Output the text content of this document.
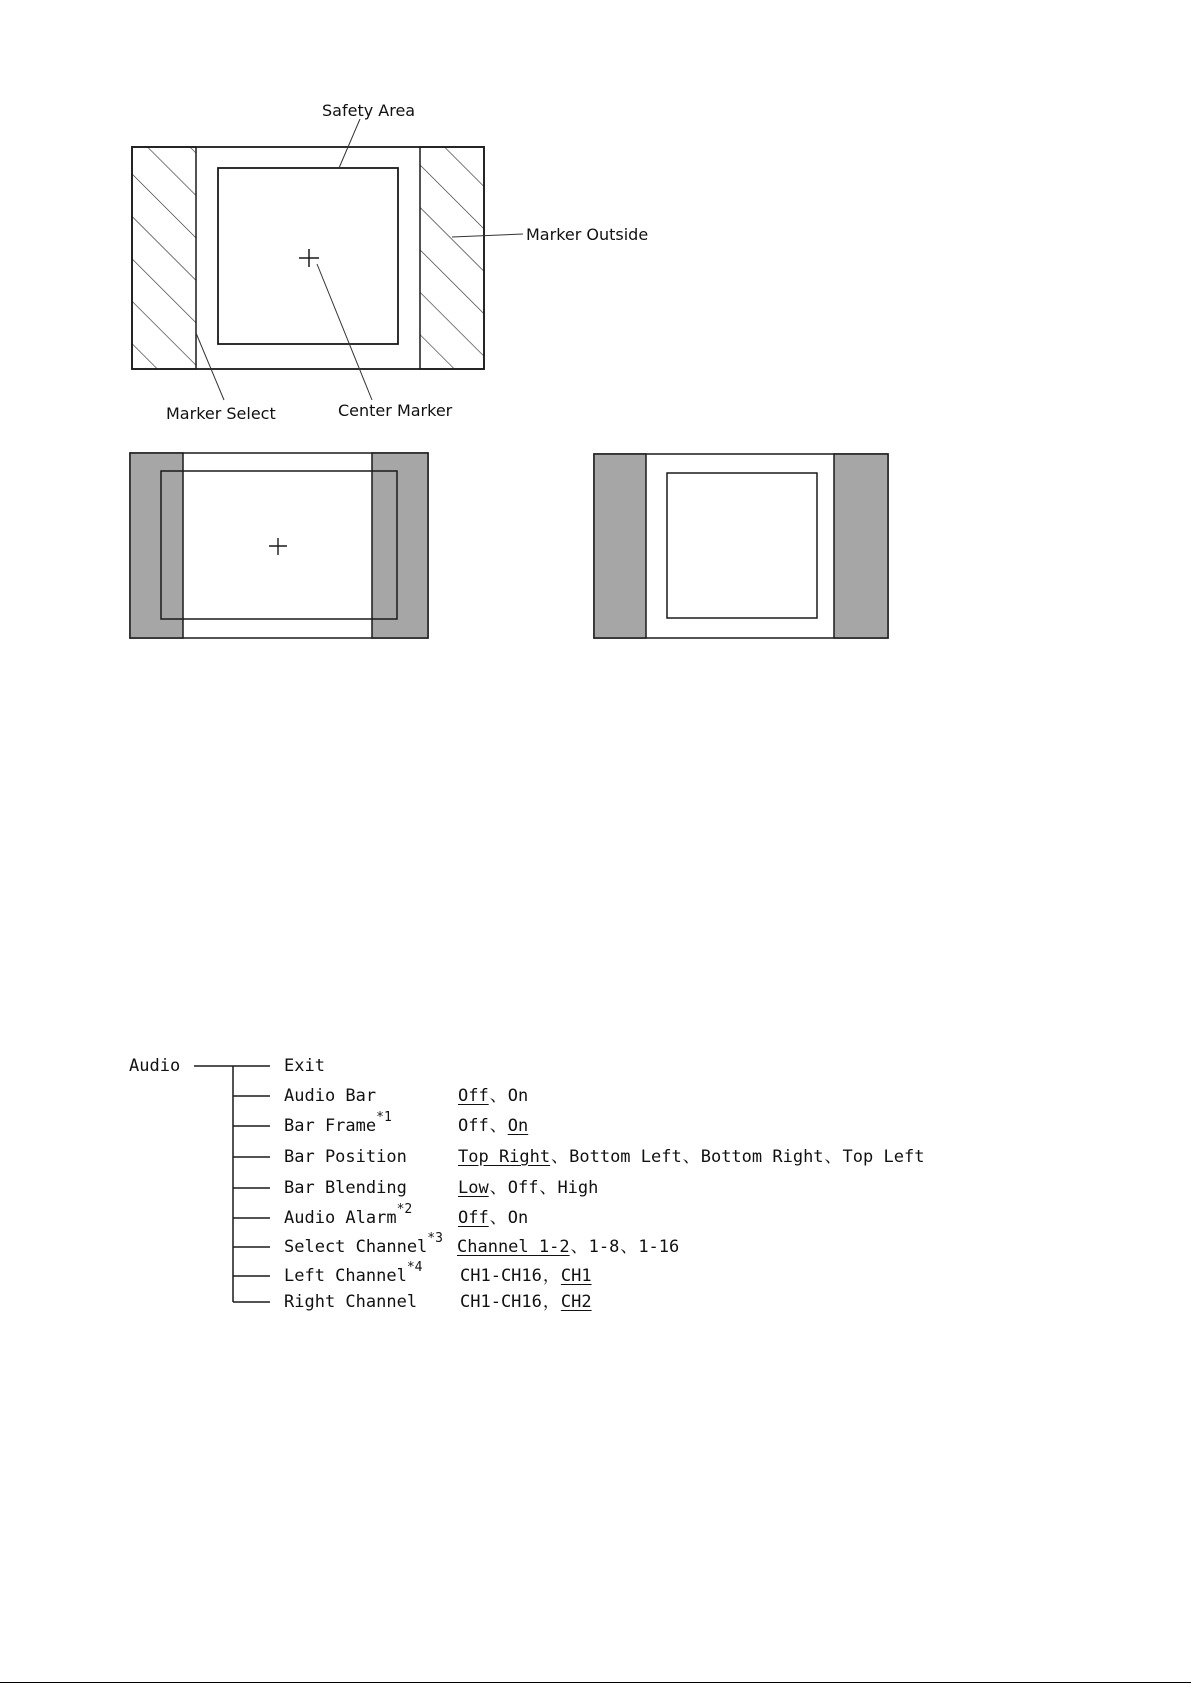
Safety Area
Marker Outside
Marker Select	Center Marker
Audio	Exit
Audio Bar	Off、On
Bar Frame$^{*1}$	Off、On
Bar Position	Top Right、Bottom Left、Bottom Right、Top Left
Bar Blending	Low、Off、High
Audio Alarm$^{*2}$	Off、On
Select Channel$^{*3}$ Channel 1-2、1-8、1-16
Left Channel$^{*4}$ CH1-CH16，CH1
Right Channel	CH1-CH16，CH2
